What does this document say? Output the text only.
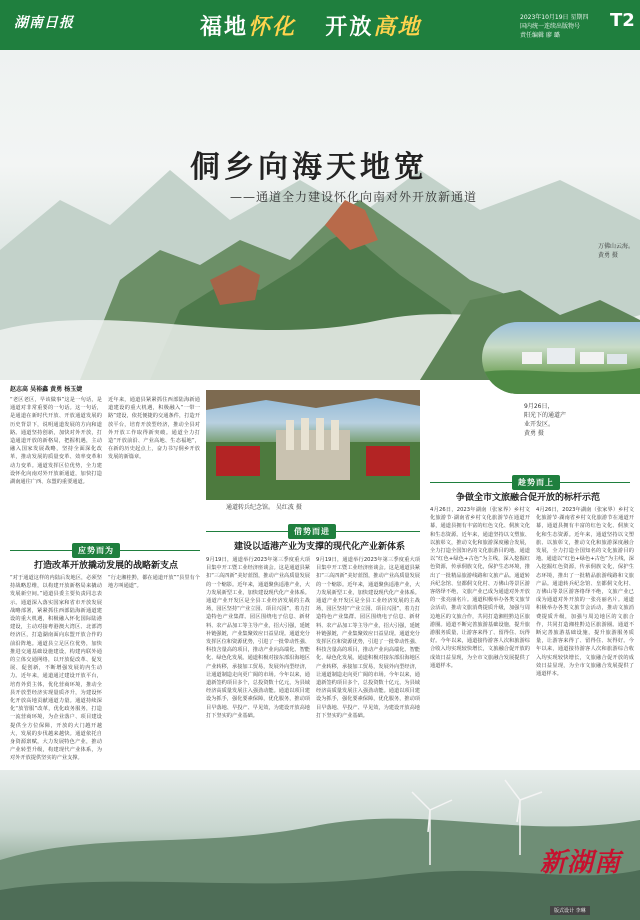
湖南日报	福地怀化 开放高地	2023年10月19日 星期四
国内统一连续出版物号
责任编辑 廖 璐
T2
侗乡向海天地宽
——通道全力建设怀化向南对外开放新通道
万佛山云海。
黄勇 摄
9月26日，
阳光下的通道产
业开发区。
黄勇 摄
赵志高 吴裕鑫 黄勇 杨玉婕
“老区老区，早该做事”这是一句话，是通道对非常重要的一句话。这一句话，是通道在新时代开放、开放通道发展的历史背景下，说明通道发展的方向和道路。通道坚持创新，加快对外开放，打造通道开放的新格局，把握机遇，主动融入国家发展战略，坚持全面深化改革，推动发展的质量变革、效率变革和动力变革。通道发挥区位优势，全力建设怀化向南对外开放新通道，加快打造湖南通往广西、东盟的重要通道。
近年来，通道县紧紧抓住西部陆海新通道建设的重大机遇，积极融入“一带一路”建设，依托便捷的交通条件，打造开放平台，培育开放型经济，推动全县对外开放工作取得新突破。通道全力打造“开放前沿、产业高地、生态福地”，在新的历史起点上，奋力书写侗乡开放发展的新篇章。
通道转兵纪念馆。 吴红波 摄
趁势而上
争做全市文旅融合促开放的标杆示范
借势而进
建设以适港产业为支撑的现代化产业新体系
应势而为
打造改革开放撬动发展的战略新支点
“对于通道这样的内陆后发地区，必须坚持战略思维，以构建开放新格局来撬动发展新空间。”通道县委主要负责同志表示。通道深入落实国家和省市开放发展战略部署，紧紧抓住西部陆海新通道建设的重大机遇，积极融入怀化国际陆港建设，主动对接粤港澳大湾区、北部湾经济区，打造湖南面向东盟开放合作的前沿阵地。通道县立足区位优势，加快推进交通基础设施建设，构建内联外通的立体交通网络，以开放促改革、促发展、促创新，不断增强发展的内生动力。近年来，通道通过建设开放平台，培育外贸主体，优化营商环境，推动全县开放型经济实现量质齐升，为建设怀化开放高地贡献通道力量。通道持续深化“放管服”改革，优化政务服务，打造一流营商环境，为企业落户、项目建设提供全方位保障，开放的大门越开越大，发展的步伐越来越快。通道依托自身资源禀赋，大力发展特色产业，推动产业转型升级，构建现代产业体系，为对外开放提供坚实的产业支撑。
“行走湘桂黔，都在通道开放”“县里有个地方叫通道”。
9月19日，通道举行2023年第三季度重大项目集中开工暨工业经济座谈会。这是通道县紧扣“三高四新”美好蓝图，推动产业高质量发展的一个缩影。近年来，通道聚焦适港产业，大力发展新型工业，加快建设现代化产业体系。通道产业开发区是全县工业经济发展的主战场，园区坚持“产业立园、项目兴园”，着力打造特色产业集群。园区围绕电子信息、新材料、农产品加工等主导产业，招大引强，延链补链强链，产业集聚效应日益显现。通道充分发挥区位和资源优势，引进了一批带动性强、科技含量高的项目，推动产业向高端化、智能化、绿色化发展。通道积极对接东部沿海地区产业转移，承接加工贸易，发展外向型经济，让通道制造走向更广阔的市场。今年以来，通道新签约项目多个，总投资数十亿元，为县域经济高质量发展注入强劲动能。通道以项目建设为抓手，强化要素保障，优化服务，推动项目早落地、早投产、早见效，为建设开放高地打下坚实的产业基础。
9月19日，通道举行2023年第三季度重大项目集中开工暨工业经济座谈会。这是通道县紧扣“三高四新”美好蓝图，推动产业高质量发展的一个缩影。近年来，通道聚焦适港产业，大力发展新型工业，加快建设现代化产业体系。通道产业开发区是全县工业经济发展的主战场，园区坚持“产业立园、项目兴园”，着力打造特色产业集群。园区围绕电子信息、新材料、农产品加工等主导产业，招大引强，延链补链强链，产业集聚效应日益显现。通道充分发挥区位和资源优势，引进了一批带动性强、科技含量高的项目，推动产业向高端化、智能化、绿色化发展。通道积极对接东部沿海地区产业转移，承接加工贸易，发展外向型经济，让通道制造走向更广阔的市场。今年以来，通道新签约项目多个，总投资数十亿元，为县域经济高质量发展注入强劲动能。通道以项目建设为抓手，强化要素保障，优化服务，推动项目早落地、早投产、早见效，为建设开放高地打下坚实的产业基础。
4月26日，2023年湖南（张家界）乡村文化旅游节·湖南省乡村文化旅游节在通道开幕，通道县拥有丰富的红色文化、侗族文化和生态资源。近年来，通道坚持以文塑旅、以旅彰文，推动文化和旅游深度融合发展，全力打造全国知名的文化旅游目的地。通道以“红色+绿色+古色”为主线，深入挖掘红色资源，传承侗族文化，保护生态环境，推出了一批精品旅游线路和文旅产品。通道转兵纪念馆、皇都侗文化村、万佛山等景区游客络绎不绝，文旅产业已成为通道对外开放的一张亮丽名片。通道积极举办各类文旅节会活动，推动文旅消费提质升级，加强与周边地区的文旅合作，共同打造湘桂黔边区旅游圈。通道不断完善旅游基础设施，提升旅游服务质量，让游客来得了、留得住、玩得好。今年以来，通道接待游客人次和旅游综合收入均实现较快增长，文旅融合促开放的成效日益显现，为全市文旅融合发展提供了通道样本。
4月26日，2023年湖南（张家界）乡村文化旅游节·湖南省乡村文化旅游节在通道开幕，通道县拥有丰富的红色文化、侗族文化和生态资源。近年来，通道坚持以文塑旅、以旅彰文，推动文化和旅游深度融合发展，全力打造全国知名的文化旅游目的地。通道以“红色+绿色+古色”为主线，深入挖掘红色资源，传承侗族文化，保护生态环境，推出了一批精品旅游线路和文旅产品。通道转兵纪念馆、皇都侗文化村、万佛山等景区游客络绎不绝，文旅产业已成为通道对外开放的一张亮丽名片。通道积极举办各类文旅节会活动，推动文旅消费提质升级，加强与周边地区的文旅合作，共同打造湘桂黔边区旅游圈。通道不断完善旅游基础设施，提升旅游服务质量，让游客来得了、留得住、玩得好。今年以来，通道接待游客人次和旅游综合收入均实现较快增长，文旅融合促开放的成效日益显现，为全市文旅融合发展提供了通道样本。
新湖南
版式设计 李琳
